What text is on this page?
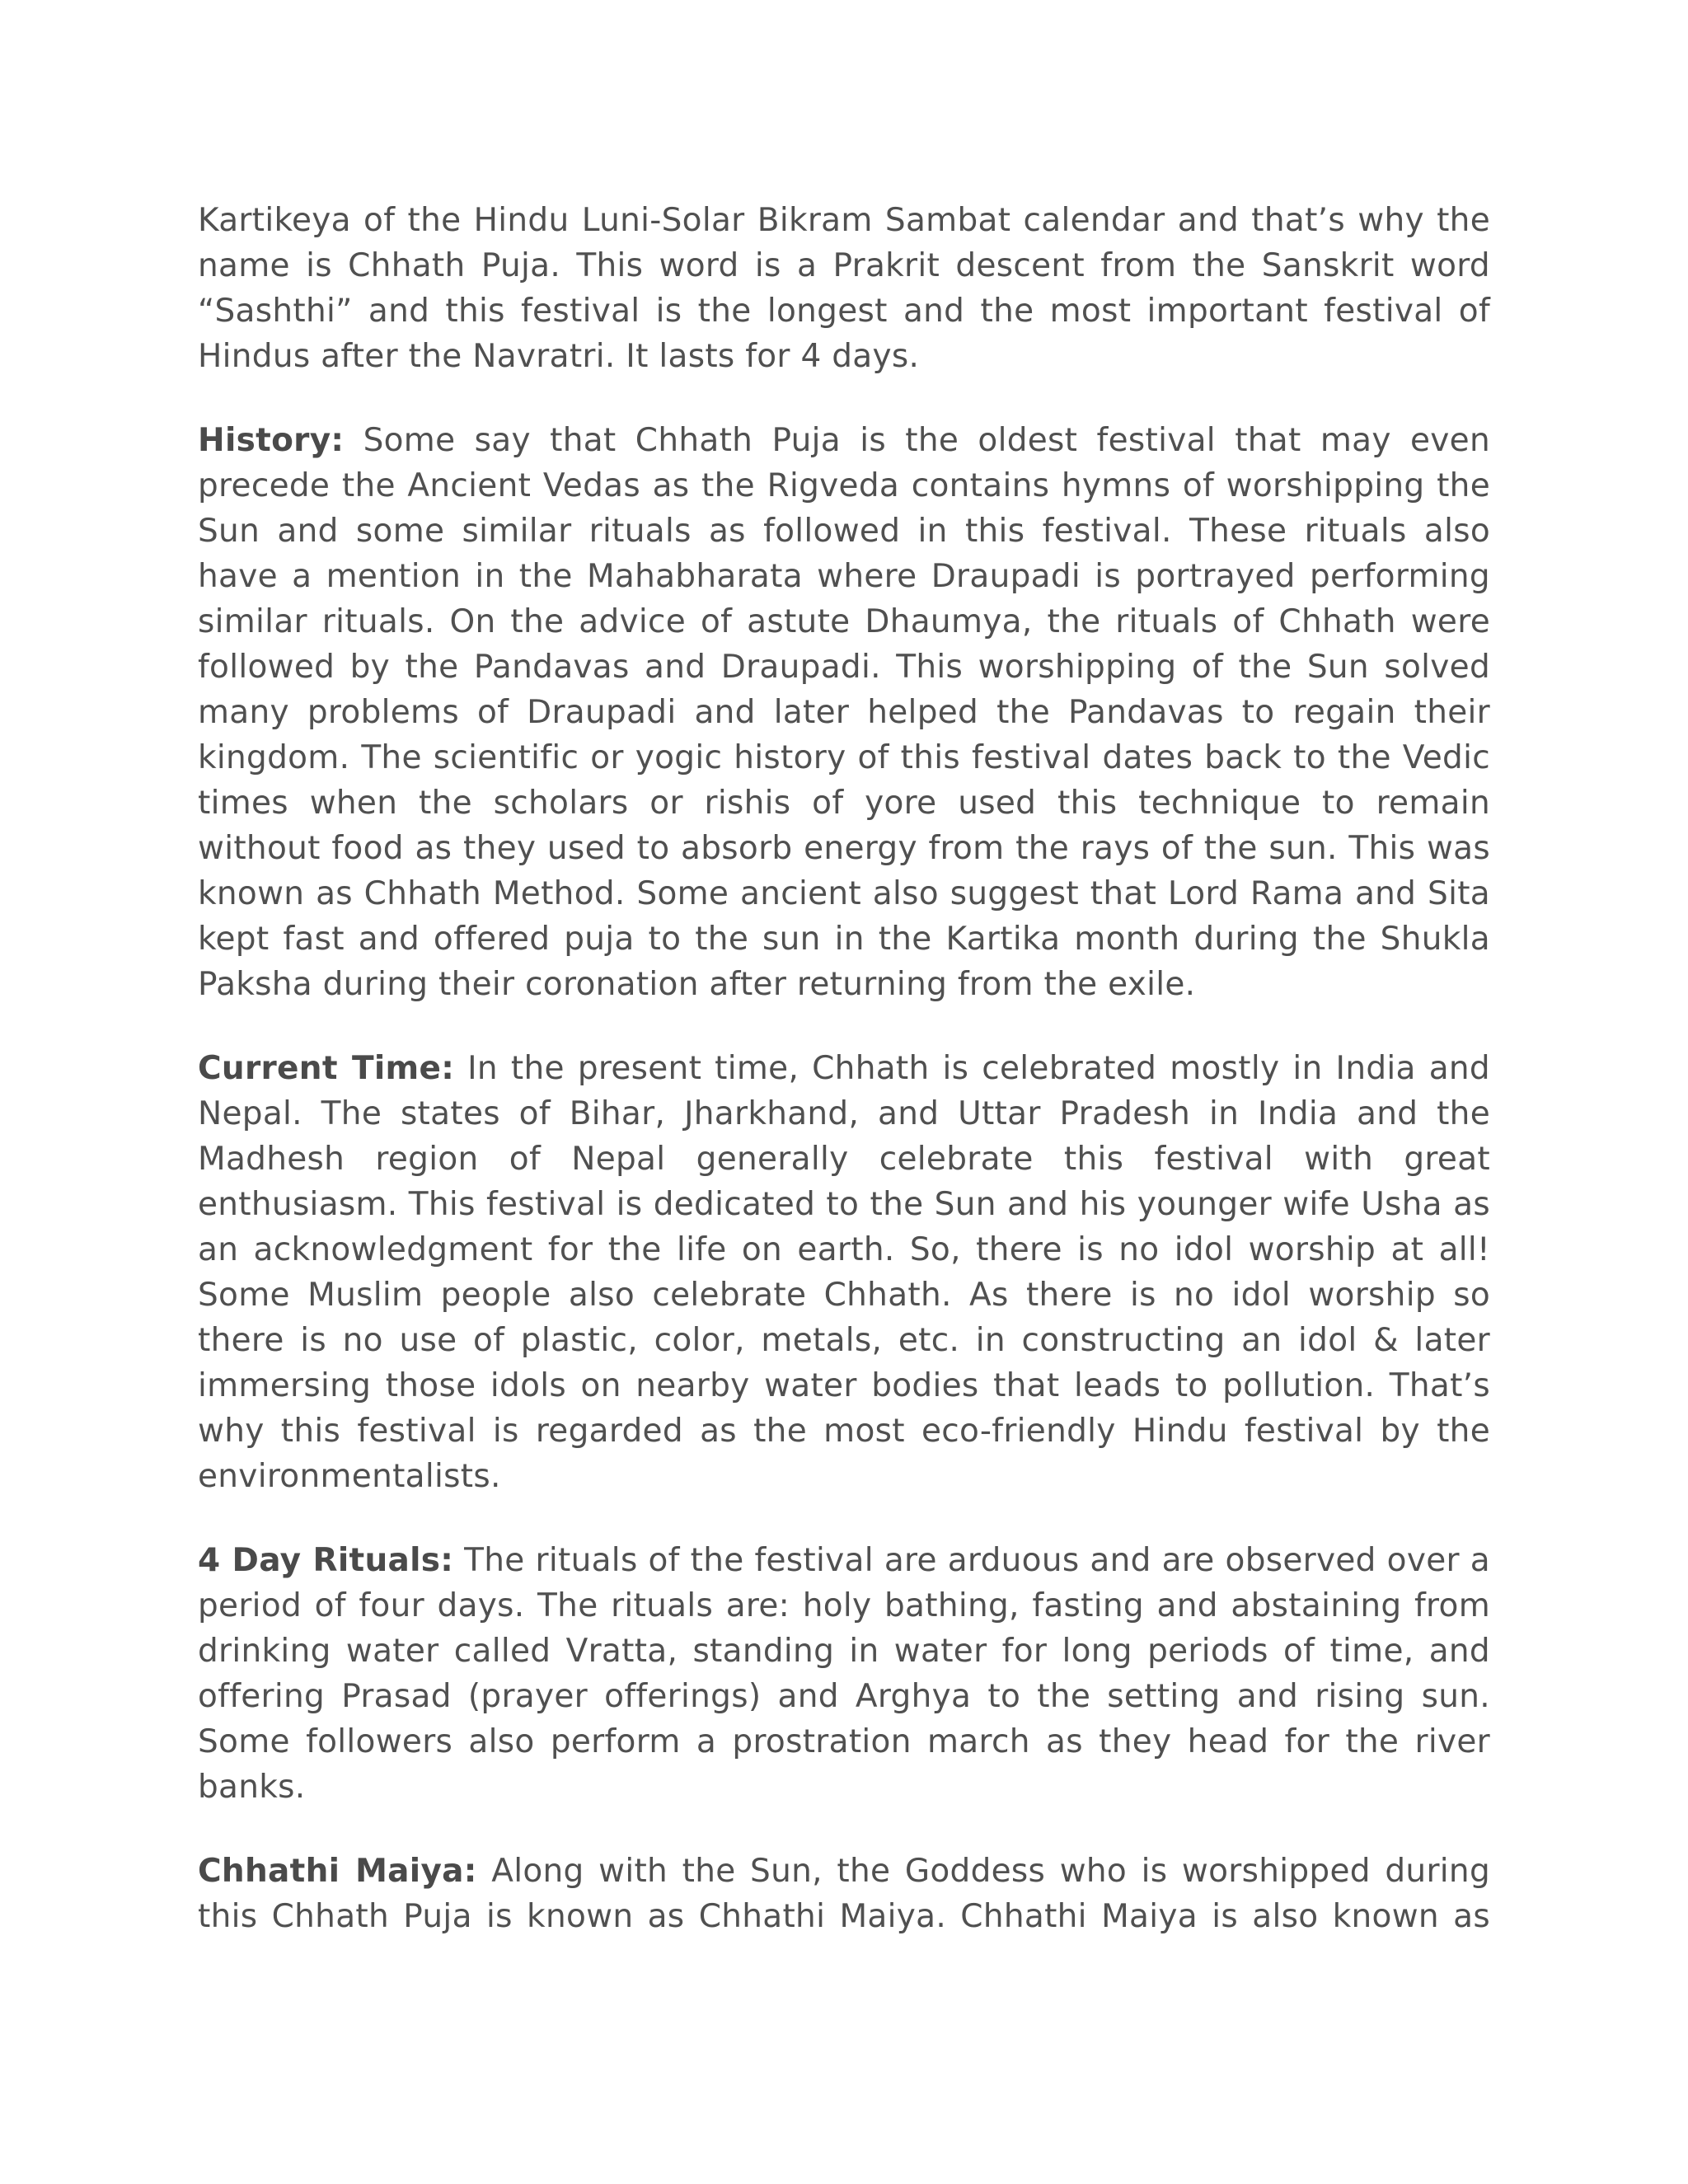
Kartikeya of the Hindu Luni-Solar Bikram Sambat calendar and that’s why the name is Chhath Puja. This word is a Prakrit descent from the Sanskrit word “Sashthi” and this festival is the longest and the most important festival of Hindus after the Navratri. It lasts for 4 days.

History: Some say that Chhath Puja is the oldest festival that may even precede the Ancient Vedas as the Rigveda contains hymns of worshipping the Sun and some similar rituals as followed in this festival. These rituals also have a mention in the Mahabharata where Draupadi is portrayed performing similar rituals. On the advice of astute Dhaumya, the rituals of Chhath were followed by the Pandavas and Draupadi. This worshipping of the Sun solved many problems of Draupadi and later helped the Pandavas to regain their kingdom. The scientific or yogic history of this festival dates back to the Vedic times when the scholars or rishis of yore used this technique to remain without food as they used to absorb energy from the rays of the sun. This was known as Chhath Method. Some ancient also suggest that Lord Rama and Sita kept fast and offered puja to the sun in the Kartika month during the Shukla Paksha during their coronation after returning from the exile.

Current Time: In the present time, Chhath is celebrated mostly in India and Nepal. The states of Bihar, Jharkhand, and Uttar Pradesh in India and the Madhesh region of Nepal generally celebrate this festival with great enthusiasm. This festival is dedicated to the Sun and his younger wife Usha as an acknowledgment for the life on earth. So, there is no idol worship at all! Some Muslim people also celebrate Chhath. As there is no idol worship so there is no use of plastic, color, metals, etc. in constructing an idol & later immersing those idols on nearby water bodies that leads to pollution. That’s why this festival is regarded as the most eco-friendly Hindu festival by the environmentalists.

4 Day Rituals: The rituals of the festival are arduous and are observed over a period of four days. The rituals are: holy bathing, fasting and abstaining from drinking water called Vratta, standing in water for long periods of time, and offering Prasad (prayer offerings) and Arghya to the setting and rising sun. Some followers also perform a prostration march as they head for the river banks.

Chhathi Maiya: Along with the Sun, the Goddess who is worshipped during this Chhath Puja is known as Chhathi Maiya. Chhathi Maiya is also known as
